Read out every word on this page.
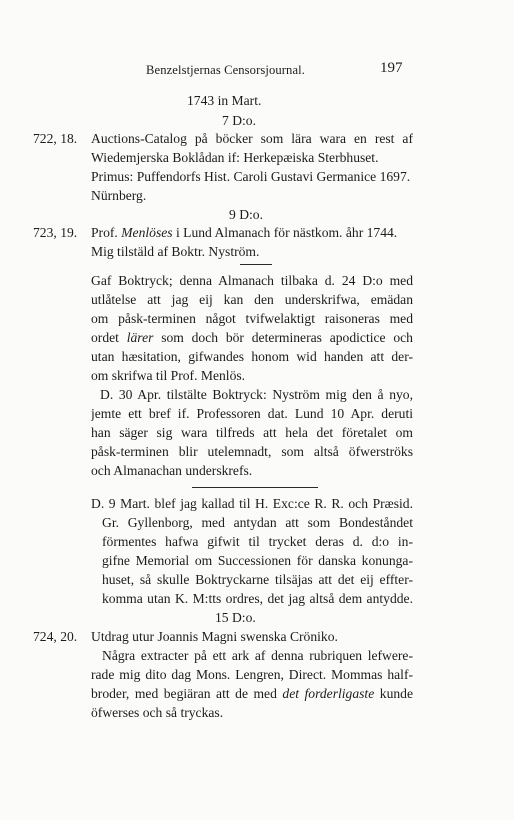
Benzelstjernas Censorsjournal.	197
1743 in Mart.
7 D:o.
722, 18. Auctions-Catalog på böcker som lära wara en rest af
Wiedemjerska Boklådan if: Herkepæiska Sterbhuset.
Primus: Puffendorfs Hist. Caroli Gustavi Germanice 1697.
Nürnberg.
9 D:o.
723, 19. Prof. Menlöses i Lund Almanach för nästkom. åhr 1744.
Mig tilstäld af Boktr. Nyström.
Gaf Boktryck; denna Almanach tilbaka d. 24 D:o med
utlåtelse att jag eij kan den underskrifwa, emädan
om påsk-terminen något tvifwelaktigt raisoneras med
ordet lärer som doch bör determineras apodictice och
utan hæsitation, gifwandes honom wid handen att der-
om skrifwa til Prof. Menlös.
D. 30 Apr. tilstälte Boktryck: Nyström mig den å nyo,
jemte ett bref if. Professoren dat. Lund 10 Apr. deruti
han säger sig wara tilfreds att hela det företalet om
påsk-terminen blir utelemnadt, som altså öfwerströks
och Almanachan underskrefs.
D. 9 Mart. blef jag kallad til H. Exc:ce R. R. och Præsid.
Gr. Gyllenborg, med antydan att som Bondeståndet
förmentes hafwa gifwit til trycket deras d. d:o in-
gifne Memorial om Successionen för danska konunga-
huset, så skulle Boktryckarne tilsäjas att det eij effter-
komma utan K. M:tts ordres, det jag altså dem antydde.
15 D:o.
724, 20. Utdrag utur Joannis Magni swenska Cröniko.
Några extracter på ett ark af denna rubriquen lefwere-
rade mig dito dag Mons. Lengren, Direct. Mommas half-
broder, med begiäran att de med det forderligaste kunde
öfwerses och så tryckas.
